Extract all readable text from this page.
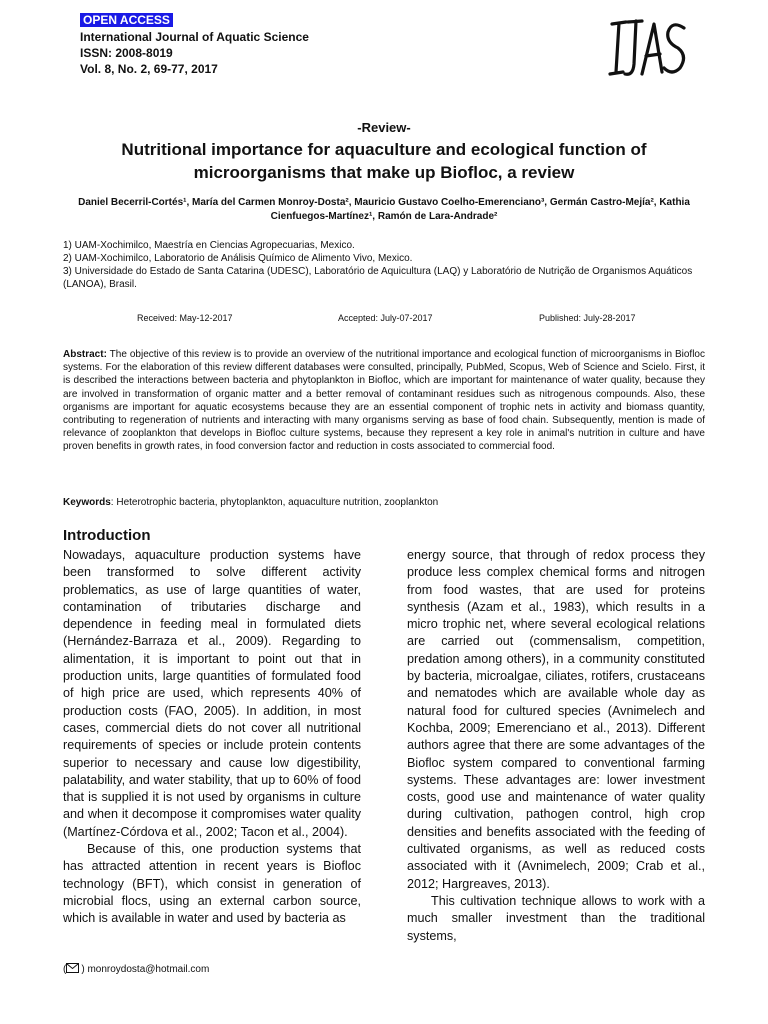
OPEN ACCESS
International Journal of Aquatic Science
ISSN: 2008-8019
Vol. 8, No. 2, 69-77, 2017
-Review-
Nutritional importance for aquaculture and ecological function of microorganisms that make up Biofloc, a review
Daniel Becerril-Cortés¹, María del Carmen Monroy-Dosta², Mauricio Gustavo Coelho-Emerenciano³, Germán Castro-Mejía², Kathia Cienfuegos-Martínez¹, Ramón de Lara-Andrade²
1) UAM-Xochimilco, Maestría en Ciencias Agropecuarias, Mexico.
2) UAM-Xochimilco, Laboratorio de Análisis Químico de Alimento Vivo, Mexico.
3) Universidade do Estado de Santa Catarina (UDESC), Laboratório de Aquicultura (LAQ) y Laboratório de Nutrição de Organismos Aquáticos (LANOA), Brasil.
Received: May-12-2017	Accepted: July-07-2017	Published: July-28-2017
Abstract: The objective of this review is to provide an overview of the nutritional importance and ecological function of microorganisms in Biofloc systems. For the elaboration of this review different databases were consulted, principally, PubMed, Scopus, Web of Science and Scielo. First, it is described the interactions between bacteria and phytoplankton in Biofloc, which are important for maintenance of water quality, because they are involved in transformation of organic matter and a better removal of contaminant residues such as nitrogenous compounds. Also, these organisms are important for aquatic ecosystems because they are an essential component of trophic nets in activity and biomass quantity, contributing to regeneration of nutrients and interacting with many organisms serving as base of food chain. Subsequently, mention is made of relevance of zooplankton that develops in Biofloc culture systems, because they represent a key role in animal's nutrition in culture and have proven benefits in growth rates, in food conversion factor and reduction in costs associated to commercial food.
Keywords: Heterotrophic bacteria, phytoplankton, aquaculture nutrition, zooplankton
Introduction

Nowadays, aquaculture production systems have been transformed to solve different activity problematics, as use of large quantities of water, contamination of tributaries discharge and dependence in feeding meal in formulated diets (Hernández-Barraza et al., 2009). Regarding to alimentation, it is important to point out that in production units, large quantities of formulated food of high price are used, which represents 40% of production costs (FAO, 2005). In addition, in most cases, commercial diets do not cover all nutritional requirements of species or include protein contents superior to necessary and cause low digestibility, palatability, and water stability, that up to 60% of food that is supplied it is not used by organisms in culture and when it decompose it compromises water quality (Martínez-Córdova et al., 2002; Tacon et al., 2004).

Because of this, one production systems that has attracted attention in recent years is Biofloc technology (BFT), which consist in generation of microbial flocs, using an external carbon source, which is available in water and used by bacteria as

energy source, that through of redox process they produce less complex chemical forms and nitrogen from food wastes, that are used for proteins synthesis (Azam et al., 1983), which results in a micro trophic net, where several ecological relations are carried out (commensalism, competition, predation among others), in a community constituted by bacteria, microalgae, ciliates, rotifers, crustaceans and nematodes which are available whole day as natural food for cultured species (Avnimelech and Kochba, 2009; Emerenciano et al., 2013). Different authors agree that there are some advantages of the Biofloc system compared to conventional farming systems. These advantages are: lower investment costs, good use and maintenance of water quality during cultivation, pathogen control, high crop densities and benefits associated with the feeding of cultivated organisms, as well as reduced costs associated with it (Avnimelech, 2009; Crab et al., 2012; Hargreaves, 2013).

This cultivation technique allows to work with a much smaller investment than the traditional systems,

( ) monroydosta@hotmail.com
